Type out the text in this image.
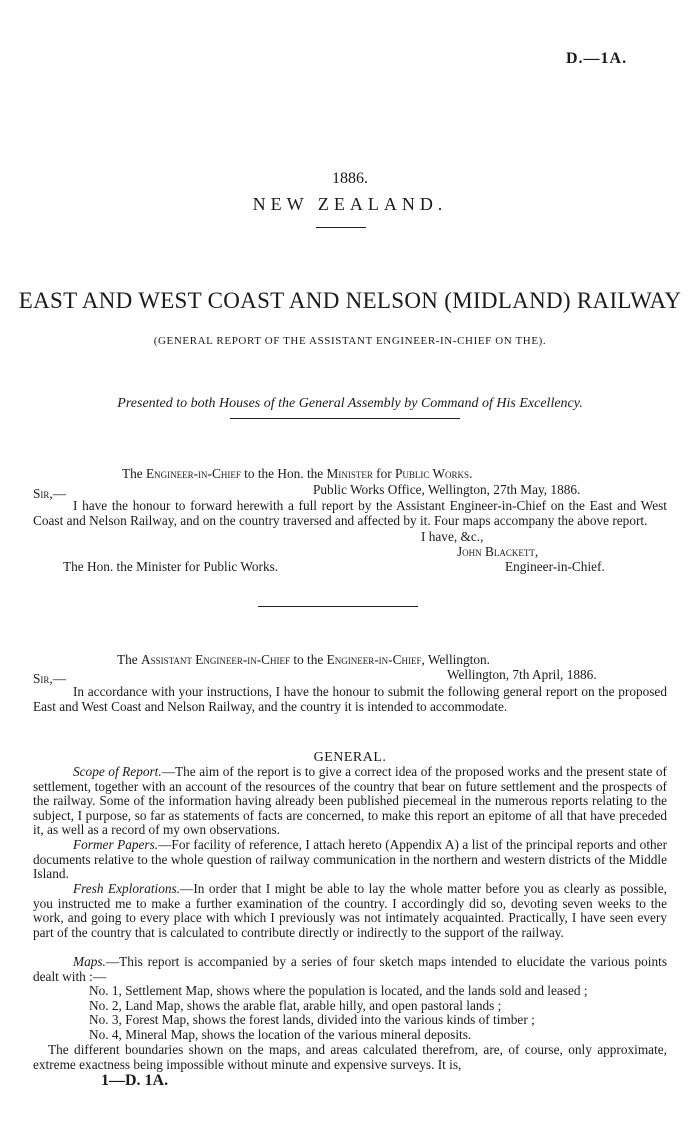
D.—1A.
1886.
NEW ZEALAND.
EAST AND WEST COAST AND NELSON (MIDLAND) RAILWAY
(GENERAL REPORT OF THE ASSISTANT ENGINEER-IN-CHIEF ON THE).
Presented to both Houses of the General Assembly by Command of His Excellency.

The Engineer-in-Chief to the Hon. the Minister for Public Works.

Public Works Office, Wellington, 27th May, 1886.

Sir,—

I have the honour to forward herewith a full report by the Assistant Engineer-in-Chief on the East and West Coast and Nelson Railway, and on the country traversed and affected by it. Four maps accompany the above report.

I have, &c.,

John Blackett,

The Hon. the Minister for Public Works.	Engineer-in-Chief.

The Assistant Engineer-in-Chief to the Engineer-in-Chief, Wellington.

Wellington, 7th April, 1886.

Sir,—

In accordance with your instructions, I have the honour to submit the following general report on the proposed East and West Coast and Nelson Railway, and the country it is intended to accommodate.

GENERAL.

Scope of Report.—The aim of the report is to give a correct idea of the proposed works and the present state of settlement, together with an account of the resources of the country that bear on future settlement and the prospects of the railway. Some of the information having already been published piecemeal in the numerous reports relating to the subject, I purpose, so far as statements of facts are concerned, to make this report an epitome of all that have preceded it, as well as a record of my own observations.

Former Papers.—For facility of reference, I attach hereto (Appendix A) a list of the principal reports and other documents relative to the whole question of railway communication in the northern and western districts of the Middle Island.

Fresh Explorations.—In order that I might be able to lay the whole matter before you as clearly as possible, you instructed me to make a further examination of the country. I accordingly did so, devoting seven weeks to the work, and going to every place with which I previously was not intimately acquainted. Practically, I have seen every part of the country that is calculated to contribute directly or indirectly to the support of the railway.

Maps.—This report is accompanied by a series of four sketch maps intended to elucidate the various points dealt with :—

No. 1, Settlement Map, shows where the population is located, and the lands sold and leased ;
No. 2, Land Map, shows the arable flat, arable hilly, and open pastoral lands ;
No. 3, Forest Map, shows the forest lands, divided into the various kinds of timber ;
No. 4, Mineral Map, shows the location of the various mineral deposits.

The different boundaries shown on the maps, and areas calculated therefrom, are, of course, only approximate, extreme exactness being impossible without minute and expensive surveys. It is,

1—D. 1A.
